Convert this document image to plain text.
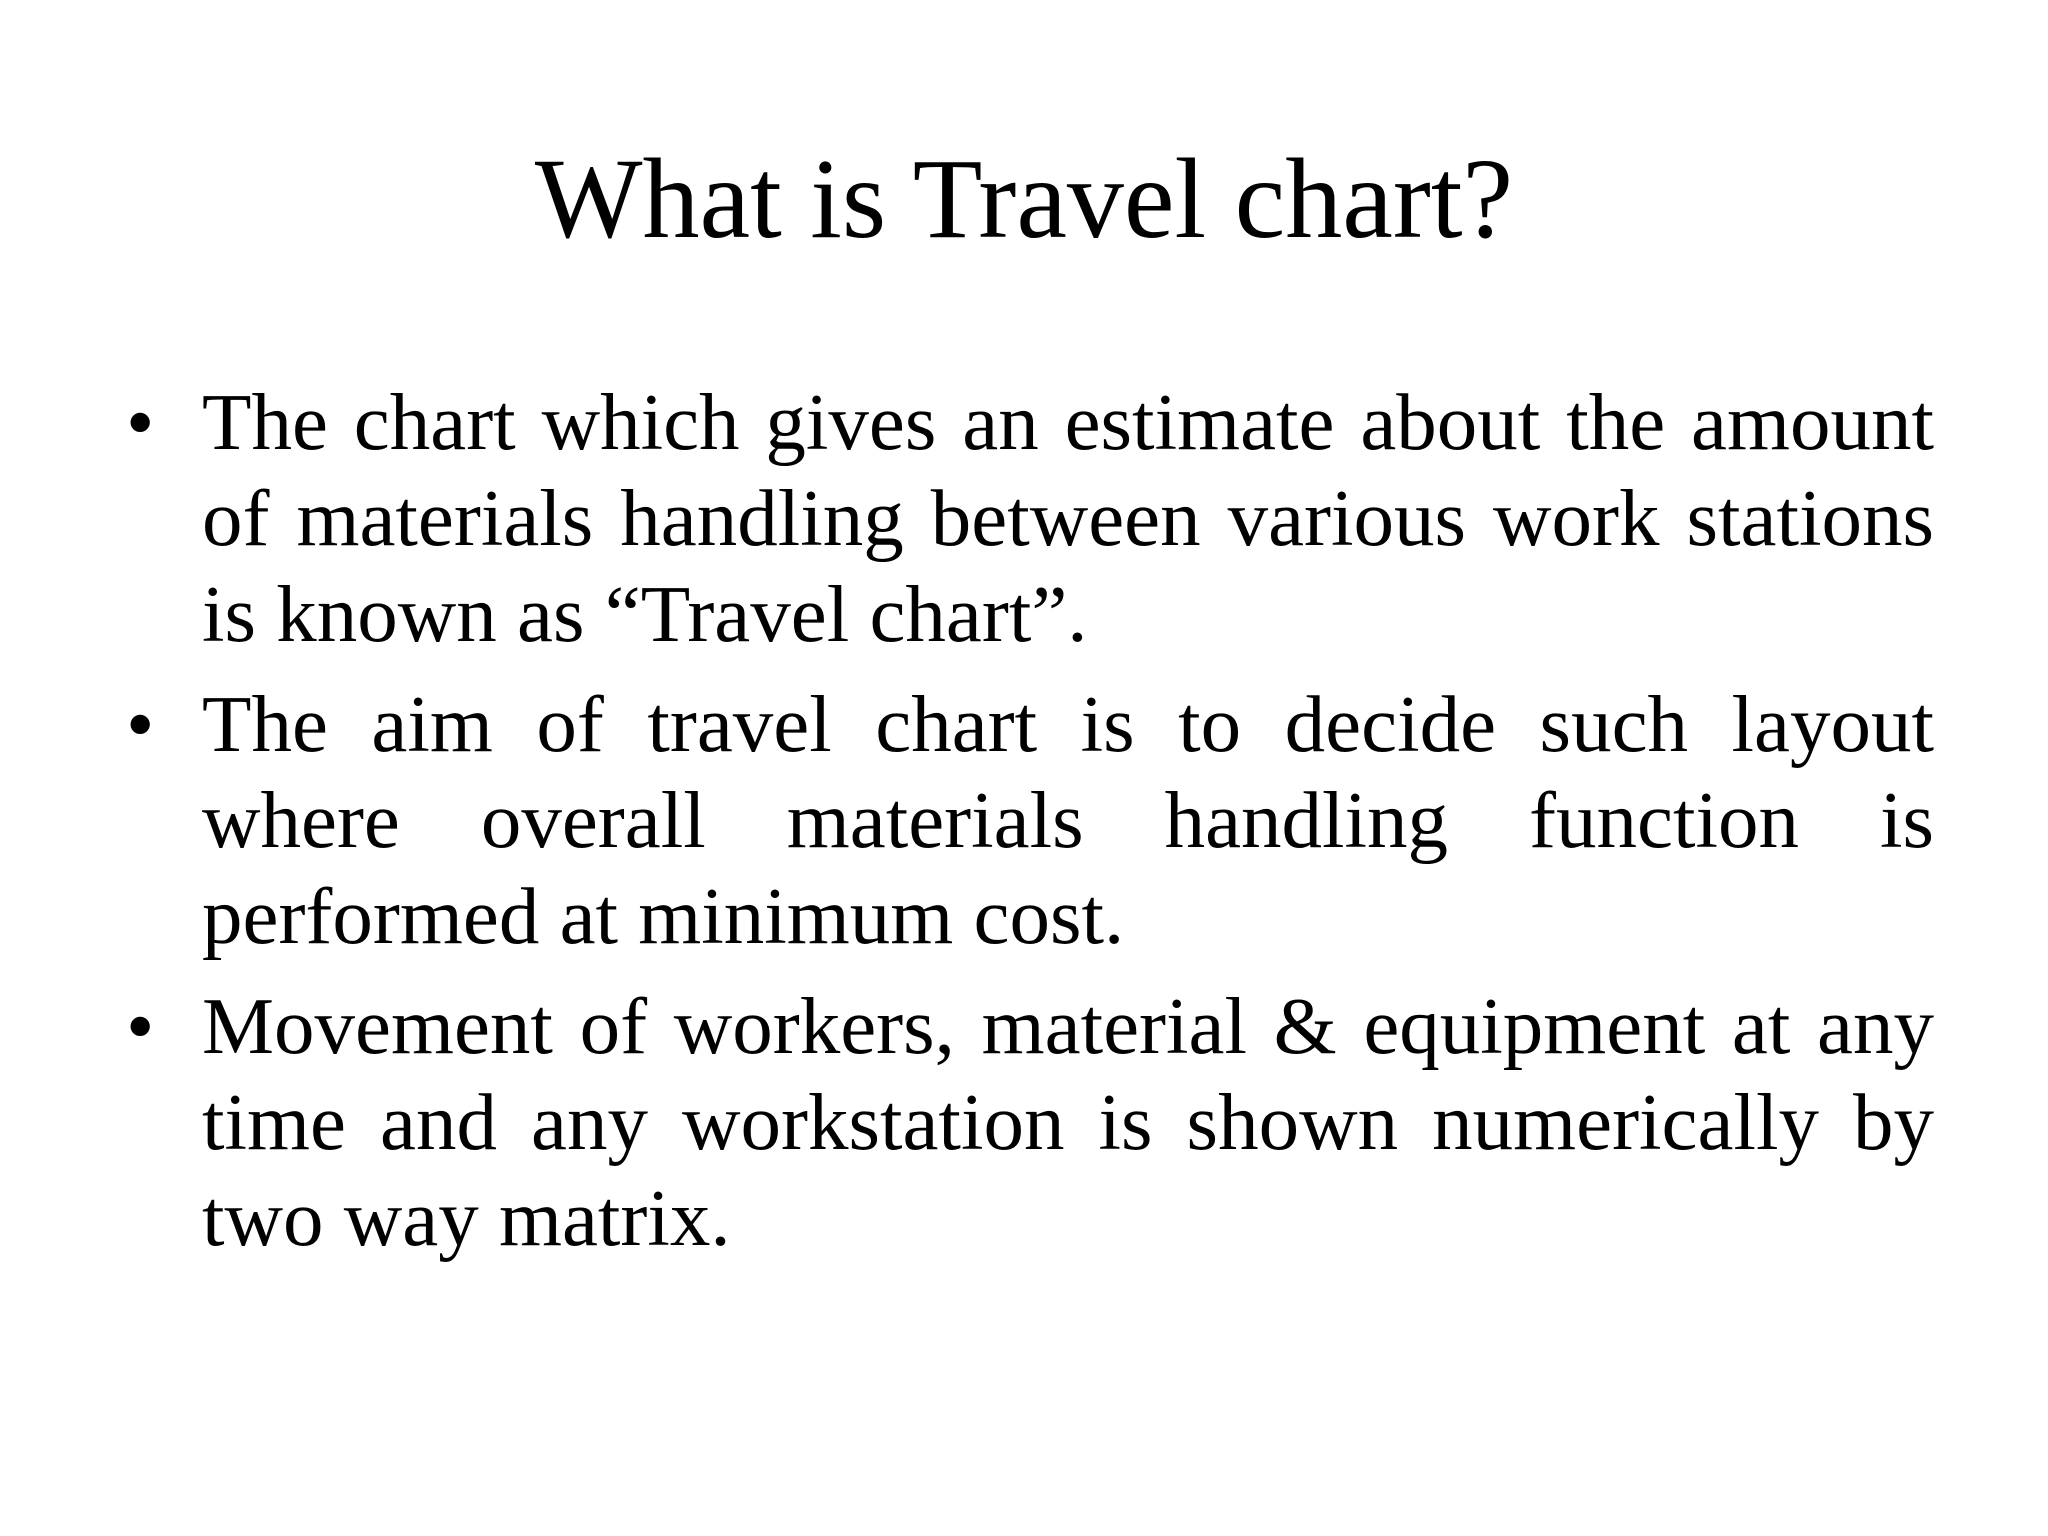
What is Travel chart?
• The chart which gives an estimate about the amount of materials handling between various work stations is known as “Travel chart”.
• The aim of travel chart is to decide such layout where overall materials handling function is performed at minimum cost.
• Movement of workers, material & equipment at any time and any workstation is shown numerically by two way matrix.
